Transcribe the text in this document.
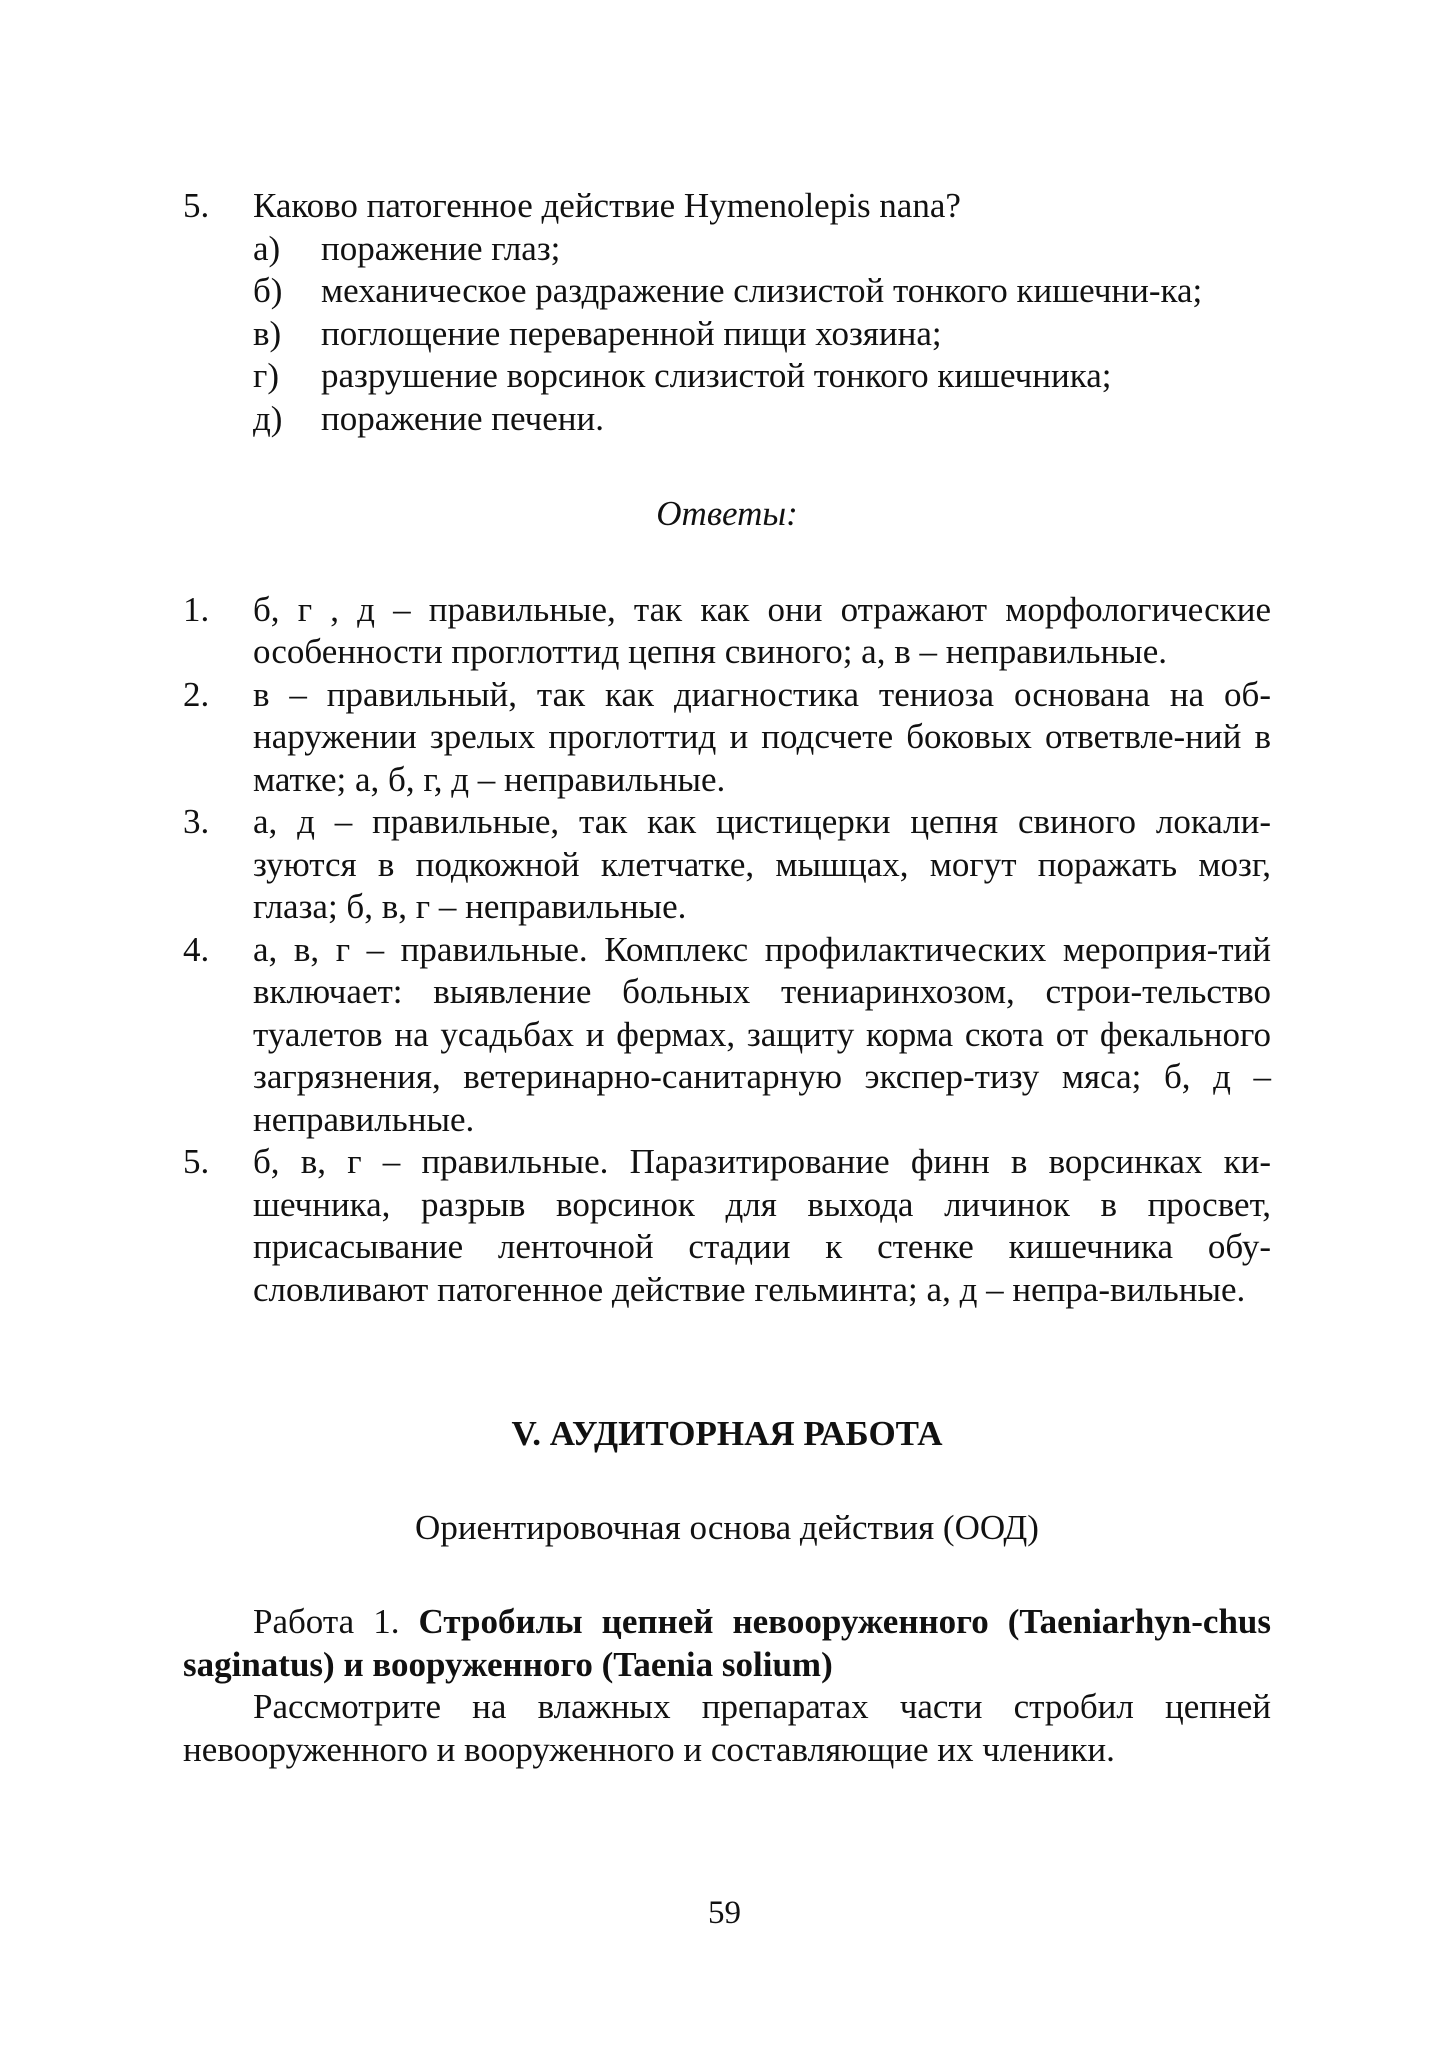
5.	Каково патогенное действие Hymenolepis nana?
а)	поражение глаз;
б)	механическое раздражение слизистой тонкого кишечни-ка;
в)	поглощение переваренной пищи хозяина;
г)	разрушение ворсинок слизистой тонкого кишечника;
д)	поражение печени.
Ответы:
1.	б, г , д – правильные, так как они отражают морфологические особенности проглоттид цепня свиного; а, в – неправильные.
2.	в – правильный, так как диагностика тениоза основана на об-наружении зрелых проглоттид и подсчете боковых ответвле-ний в матке; а, б, г, д – неправильные.
3.	а, д – правильные, так как цистицерки цепня свиного локали-зуются в подкожной клетчатке, мышцах, могут поражать мозг, глаза; б, в, г – неправильные.
4.	а, в, г – правильные. Комплекс профилактических мероприя-тий включает: выявление больных тениаринхозом, строи-тельство туалетов на усадьбах и фермах, защиту корма скота от фекального загрязнения, ветеринарно-санитарную экспер-тизу мяса; б, д – неправильные.
5.	б, в, г – правильные. Паразитирование финн в ворсинках ки-шечника, разрыв ворсинок для выхода личинок в просвет, присасывание ленточной стадии к стенке кишечника обу-словливают патогенное действие гельминта; а, д – непра-вильные.
V. АУДИТОРНАЯ РАБОТА
Ориентировочная основа действия (ООД)
Работа 1. Стробилы цепней невооруженного (Taeniarhyn-chus saginatus) и вооруженного (Taenia solium)
Рассмотрите на влажных препаратах части стробил цепней невооруженного и вооруженного и составляющие их членики.
59
